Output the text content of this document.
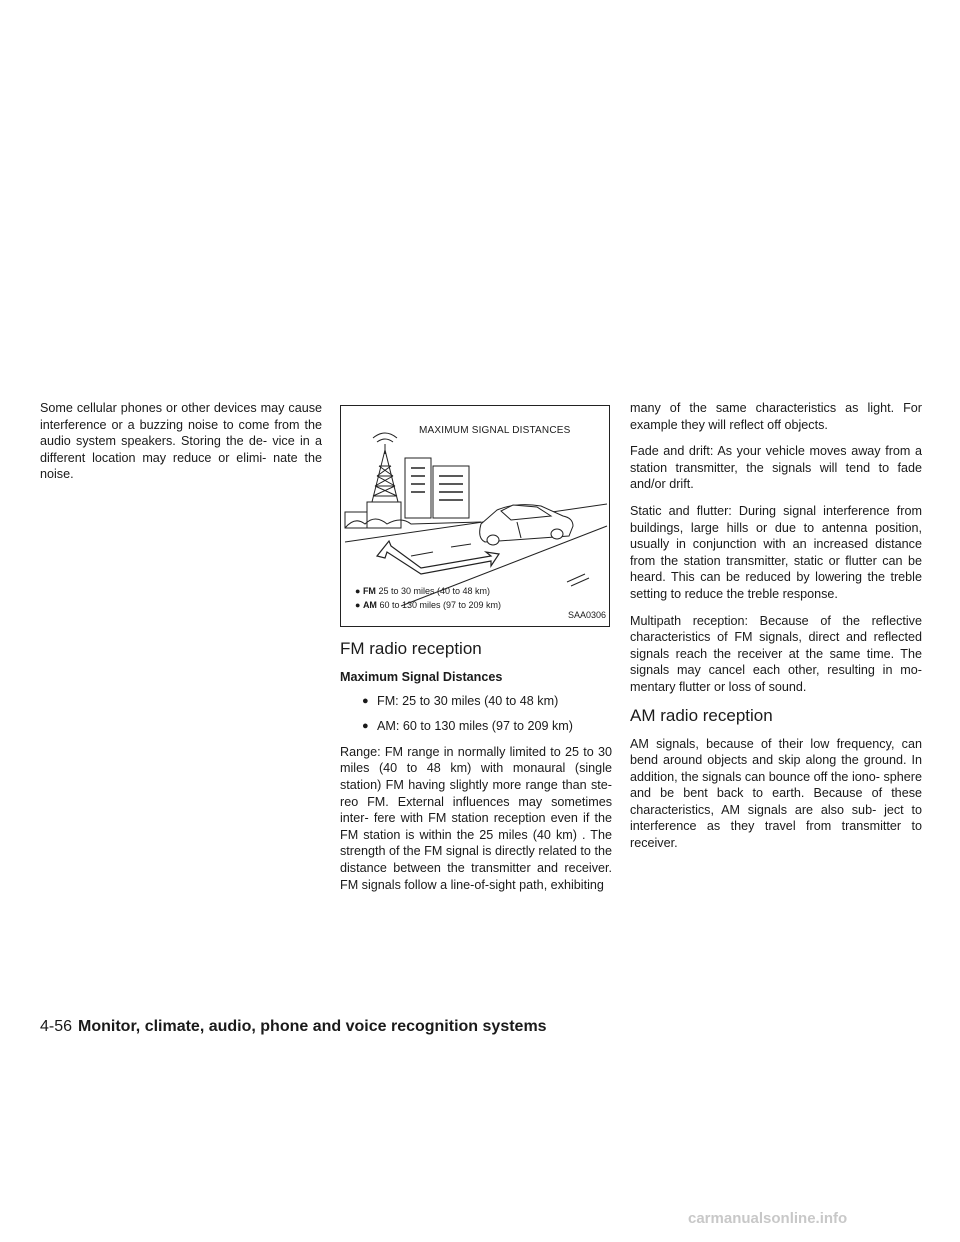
Some cellular phones or other devices may cause interference or a buzzing noise to come from the audio system speakers. Storing the de- vice in a different location may reduce or elimi- nate the noise.

MAXIMUM SIGNAL DISTANCES
● FM 25 to 30 miles (40 to 48 km)
● AM 60 to 130 miles (97 to 209 km)
SAA0306
FM radio reception
Maximum Signal Distances
● FM: 25 to 30 miles (40 to 48 km)
● AM: 60 to 130 miles (97 to 209 km)

Range: FM range in normally limited to 25 to 30 miles (40 to 48 km) with monaural (single station) FM having slightly more range than ste- reo FM. External influences may sometimes inter- fere with FM station reception even if the FM station is within the 25 miles (40 km) . The strength of the FM signal is directly related to the distance between the transmitter and receiver. FM signals follow a line-of-sight path, exhibiting

many of the same characteristics as light. For example they will reflect off objects.

Fade and drift: As your vehicle moves away from a station transmitter, the signals will tend to fade and/or drift.

Static and flutter: During signal interference from buildings, large hills or due to antenna position, usually in conjunction with an increased distance from the station transmitter, static or flutter can be heard. This can be reduced by lowering the treble setting to reduce the treble response.

Multipath reception: Because of the reflective characteristics of FM signals, direct and reflected signals reach the receiver at the same time. The signals may cancel each other, resulting in mo- mentary flutter or loss of sound.

AM radio reception

AM signals, because of their low frequency, can bend around objects and skip along the ground. In addition, the signals can bounce off the iono- sphere and be bent back to earth. Because of these characteristics, AM signals are also sub- ject to interference as they travel from transmitter to receiver.

4-56 Monitor, climate, audio, phone and voice recognition systems
carmanualsonline.info
